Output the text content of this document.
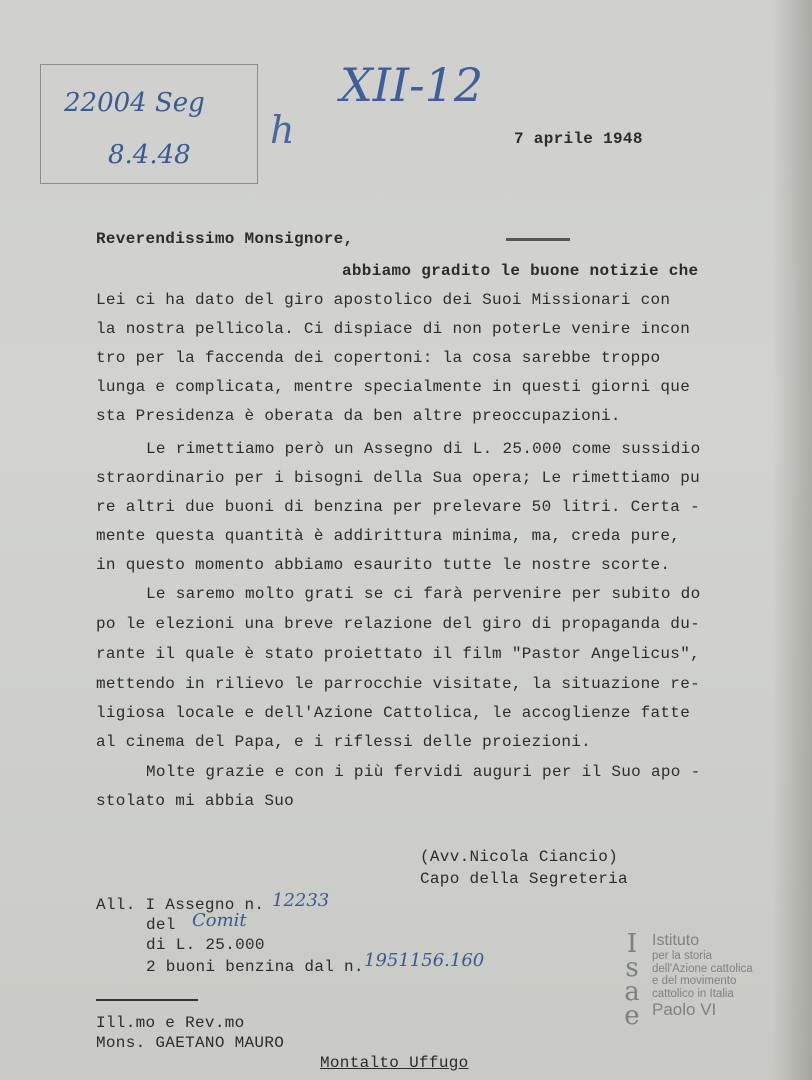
22004 Seg
8.4.48
h
XII-12
7 aprile 1948
Reverendissimo Monsignore,
abbiamo gradito le buone notizie che
Lei ci ha dato del giro apostolico dei Suoi Missionari con
la nostra pellicola. Ci dispiace di non poterLe venire incon
tro per la faccenda dei copertoni: la cosa sarebbe troppo
lunga e complicata, mentre specialmente in questi giorni que
sta Presidenza è oberata da ben altre preoccupazioni.
Le rimettiamo però un Assegno di L. 25.000 come sussidio
straordinario per i bisogni della Sua opera; Le rimettiamo pu
re altri due buoni di benzina per prelevare 50 litri. Certa -
mente questa quantità è addirittura minima, ma, creda pure,
in questo momento abbiamo esaurito tutte le nostre scorte.
Le saremo molto grati se ci farà pervenire per subito do
po le elezioni una breve relazione del giro di propaganda du-
rante il quale è stato proiettato il film "Pastor Angelicus",
mettendo in rilievo le parrocchie visitate, la situazione re-
ligiosa locale e dell'Azione Cattolica, le accoglienze fatte
al cinema del Papa, e i riflessi delle proiezioni.
Molte grazie e con i più fervidi auguri per il Suo apo -
stolato mi abbia Suo
(Avv.Nicola Ciancio)
Capo della Segreteria
All. I Assegno n. 12233
del Comit
di L. 25.000
2 buoni benzina dal n. 1951156.160
Ill.mo e Rev.mo
Mons. GAETANO MAURO
Montalto Uffugo
I
s
a
e
Istituto
per la storia
dell'Azione cattolica
e del movimento
cattolico in Italia
Paolo VI
